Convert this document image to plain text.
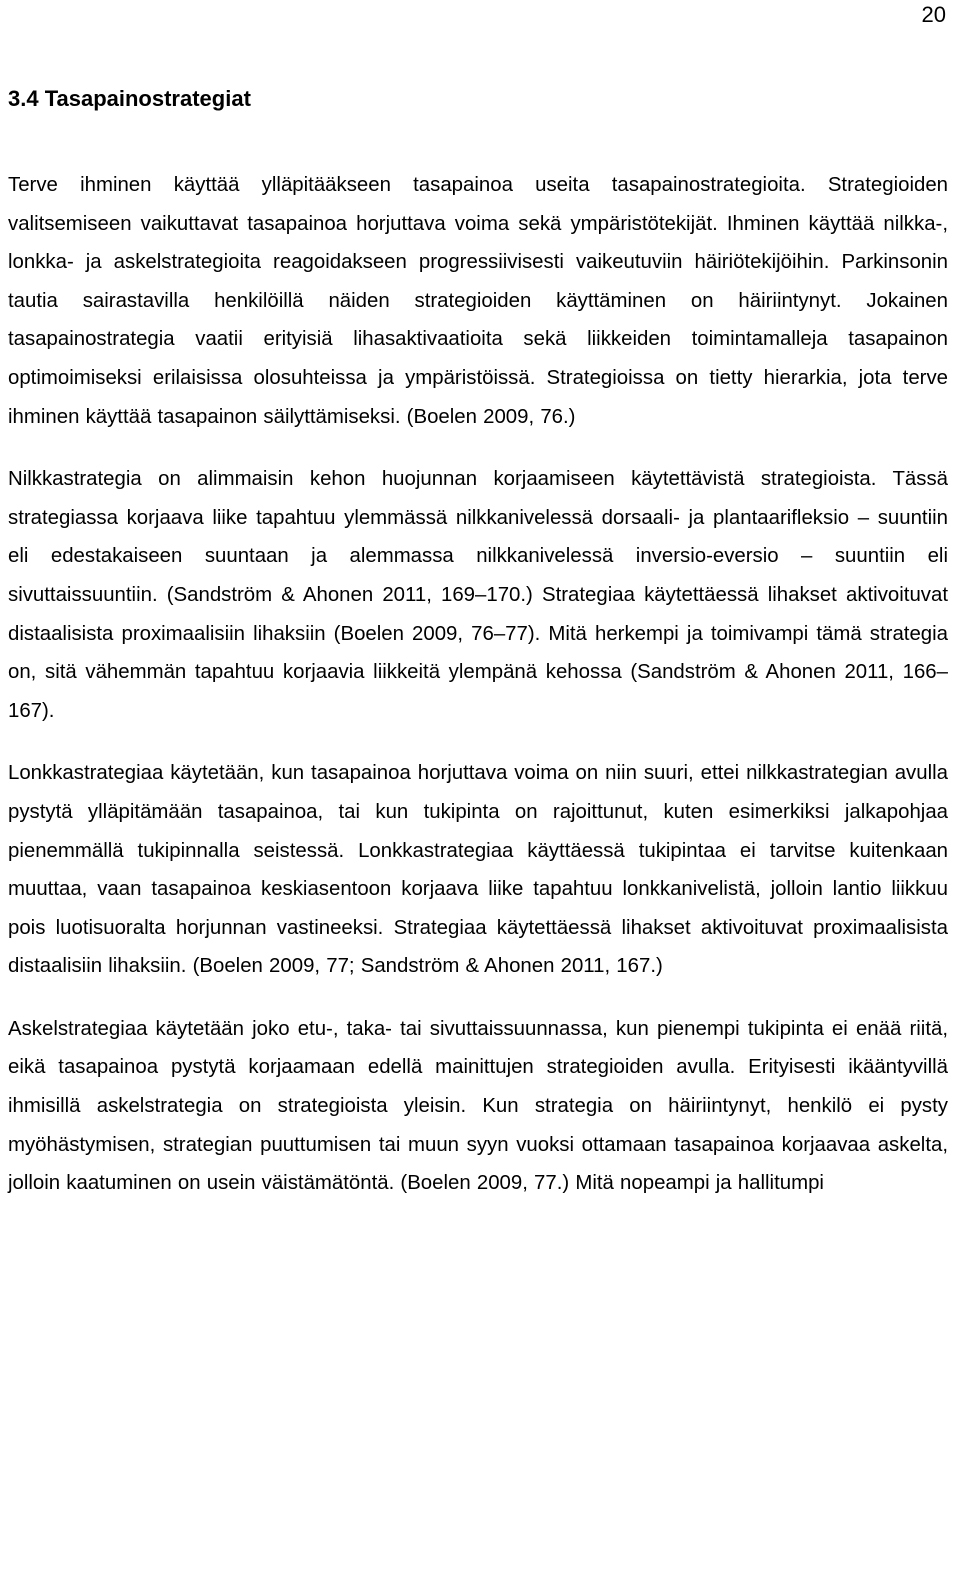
20
3.4 Tasapainostrategiat

Terve ihminen käyttää ylläpitääkseen tasapainoa useita tasapainostrategioita. Strategioiden valitsemiseen vaikuttavat tasapainoa horjuttava voima sekä ympäristötekijät. Ihminen käyttää nilkka-, lonkka- ja askelstrategioita reagoidakseen progressiivisesti vaikeutuviin häiriötekijöihin. Parkinsonin tautia sairastavilla henkilöillä näiden strategioiden käyttäminen on häiriintynyt. Jokainen tasapainostrategia vaatii erityisiä lihasaktivaatioita sekä liikkeiden toimintamalleja tasapainon optimoimiseksi erilaisissa olosuhteissa ja ympäristöissä. Strategioissa on tietty hierarkia, jota terve ihminen käyttää tasapainon säilyttämiseksi. (Boelen 2009, 76.)

Nilkkastrategia on alimmaisin kehon huojunnan korjaamiseen käytettävistä strategioista. Tässä strategiassa korjaava liike tapahtuu ylemmässä nilkkanivelessä dorsaali- ja plantaarifleksio – suuntiin eli edestakaiseen suuntaan ja alemmassa nilkkanivelessä inversio-eversio – suuntiin eli sivuttaissuuntiin. (Sandström & Ahonen 2011, 169–170.) Strategiaa käytettäessä lihakset aktivoituvat distaalisista proximaalisiin lihaksiin (Boelen 2009, 76–77). Mitä herkempi ja toimivampi tämä strategia on, sitä vähemmän tapahtuu korjaavia liikkeitä ylempänä kehossa (Sandström & Ahonen 2011, 166–167).

Lonkkastrategiaa käytetään, kun tasapainoa horjuttava voima on niin suuri, ettei nilkkastrategian avulla pystytä ylläpitämään tasapainoa, tai kun tukipinta on rajoittunut, kuten esimerkiksi jalkapohjaa pienemmällä tukipinnalla seistessä. Lonkkastrategiaa käyttäessä tukipintaa ei tarvitse kuitenkaan muuttaa, vaan tasapainoa keskiasentoon korjaava liike tapahtuu lonkkanivelistä, jolloin lantio liikkuu pois luotisuoralta horjunnan vastineeksi. Strategiaa käytettäessä lihakset aktivoituvat proximaalisista distaalisiin lihaksiin. (Boelen 2009, 77; Sandström & Ahonen 2011, 167.)

Askelstrategiaa käytetään joko etu-, taka- tai sivuttaissuunnassa, kun pienempi tukipinta ei enää riitä, eikä tasapainoa pystytä korjaamaan edellä mainittujen strategioiden avulla. Erityisesti ikääntyvillä ihmisillä askelstrategia on strategioista yleisin. Kun strategia on häiriintynyt, henkilö ei pysty myöhästymisen, strategian puuttumisen tai muun syyn vuoksi ottamaan tasapainoa korjaavaa askelta, jolloin kaatuminen on usein väistämätöntä. (Boelen 2009, 77.) Mitä nopeampi ja hallitumpi
